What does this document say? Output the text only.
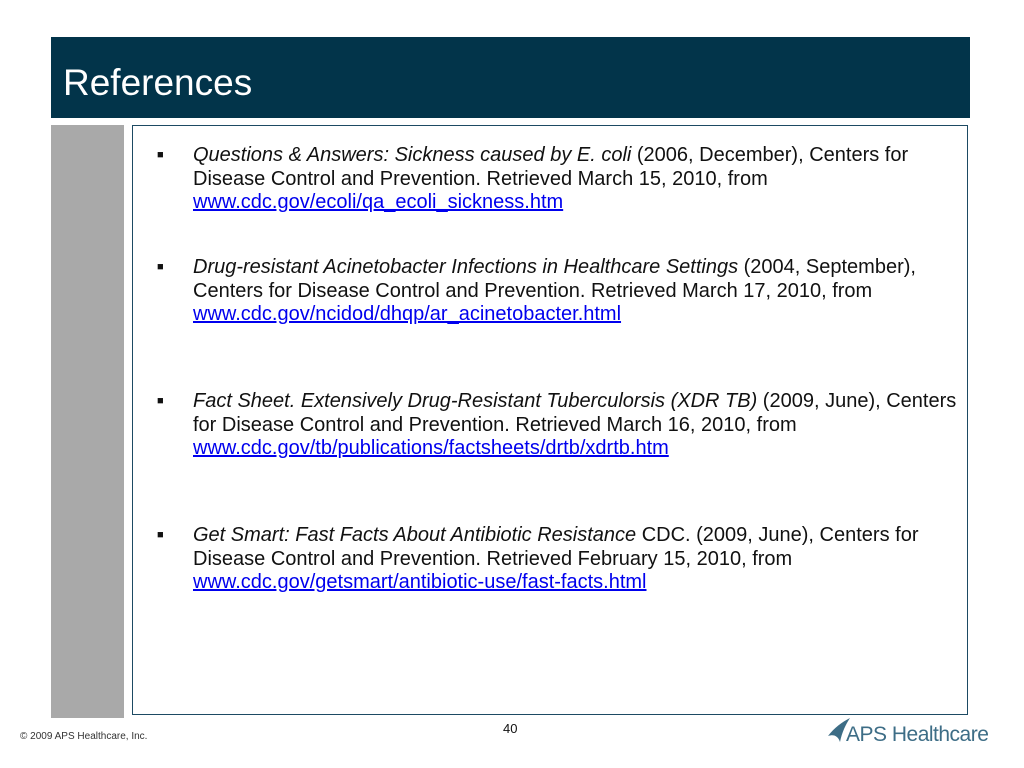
References
■ Questions & Answers: Sickness caused by E. coli (2006, December), Centers for Disease Control and Prevention. Retrieved March 15, 2010, from www.cdc.gov/ecoli/qa_ecoli_sickness.htm
■ Drug-resistant Acinetobacter Infections in Healthcare Settings (2004, September), Centers for Disease Control and Prevention. Retrieved March 17, 2010, from www.cdc.gov/ncidod/dhqp/ar_acinetobacter.html
■ Fact Sheet. Extensively Drug-Resistant Tuberculorsis (XDR TB) (2009, June), Centers for Disease Control and Prevention. Retrieved March 16, 2010, from www.cdc.gov/tb/publications/factsheets/drtb/xdrtb.htm
■ Get Smart: Fast Facts About Antibiotic Resistance CDC. (2009, June), Centers for Disease Control and Prevention. Retrieved February 15, 2010, from www.cdc.gov/getsmart/antibiotic-use/fast-facts.html
40
© 2009 APS Healthcare, Inc.	APS Healthcare
